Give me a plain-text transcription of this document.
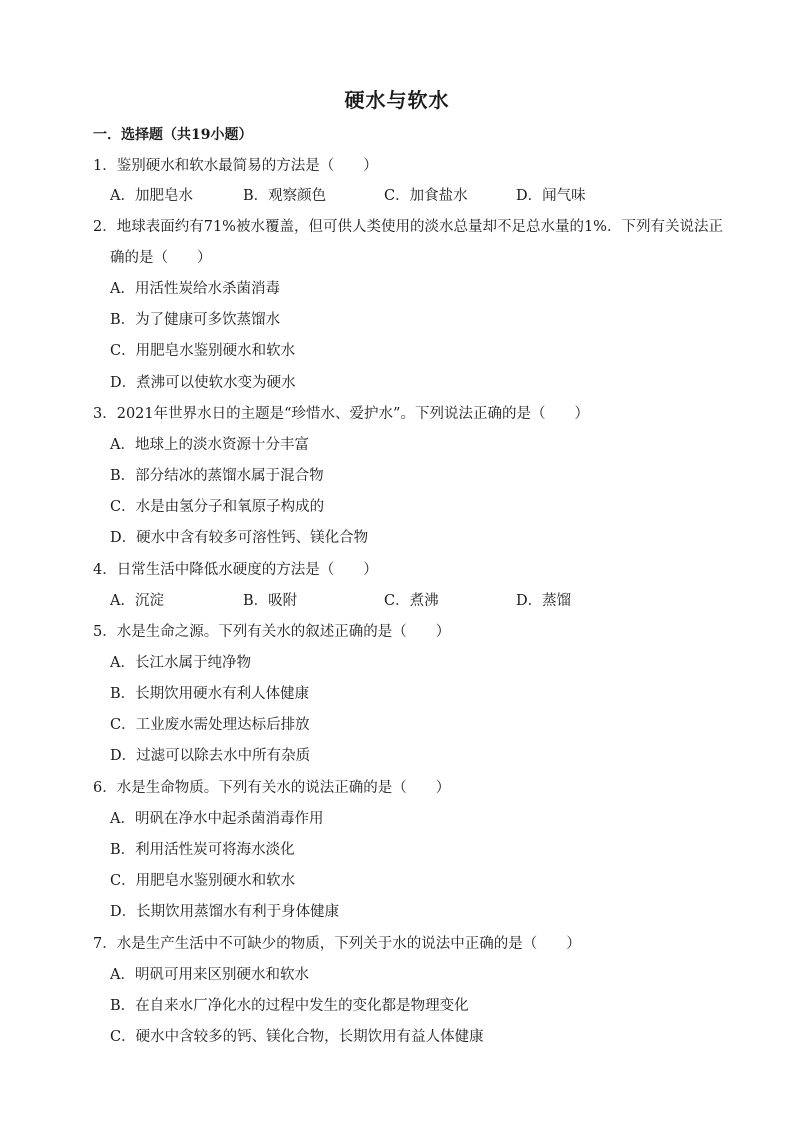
硬水与软水
一．选择题（共19小题）
1．鉴别硬水和软水最简易的方法是（　　）
A．加肥皂水	B．观察颜色	C．加食盐水	D．闻气味
2．地球表面约有71%被水覆盖，但可供人类使用的淡水总量却不足总水量的1%．下列有关说法正
确的是（　　）
A．用活性炭给水杀菌消毒
B．为了健康可多饮蒸馏水
C．用肥皂水鉴别硬水和软水
D．煮沸可以使软水变为硬水
3．2021年世界水日的主题是“珍惜水、爱护水”。下列说法正确的是（　　）
A．地球上的淡水资源十分丰富
B．部分结冰的蒸馏水属于混合物
C．水是由氢分子和氧原子构成的
D．硬水中含有较多可溶性钙、镁化合物
4．日常生活中降低水硬度的方法是（　　）
A．沉淀	B．吸附	C．煮沸	D．蒸馏
5．水是生命之源。下列有关水的叙述正确的是（　　）
A．长江水属于纯净物
B．长期饮用硬水有利人体健康
C．工业废水需处理达标后排放
D．过滤可以除去水中所有杂质
6．水是生命物质。下列有关水的说法正确的是（　　）
A．明矾在净水中起杀菌消毒作用
B．利用活性炭可将海水淡化
C．用肥皂水鉴别硬水和软水
D．长期饮用蒸馏水有利于身体健康
7．水是生产生活中不可缺少的物质，下列关于水的说法中正确的是（　　）
A．明矾可用来区别硬水和软水
B．在自来水厂净化水的过程中发生的变化都是物理变化
C．硬水中含较多的钙、镁化合物，长期饮用有益人体健康
